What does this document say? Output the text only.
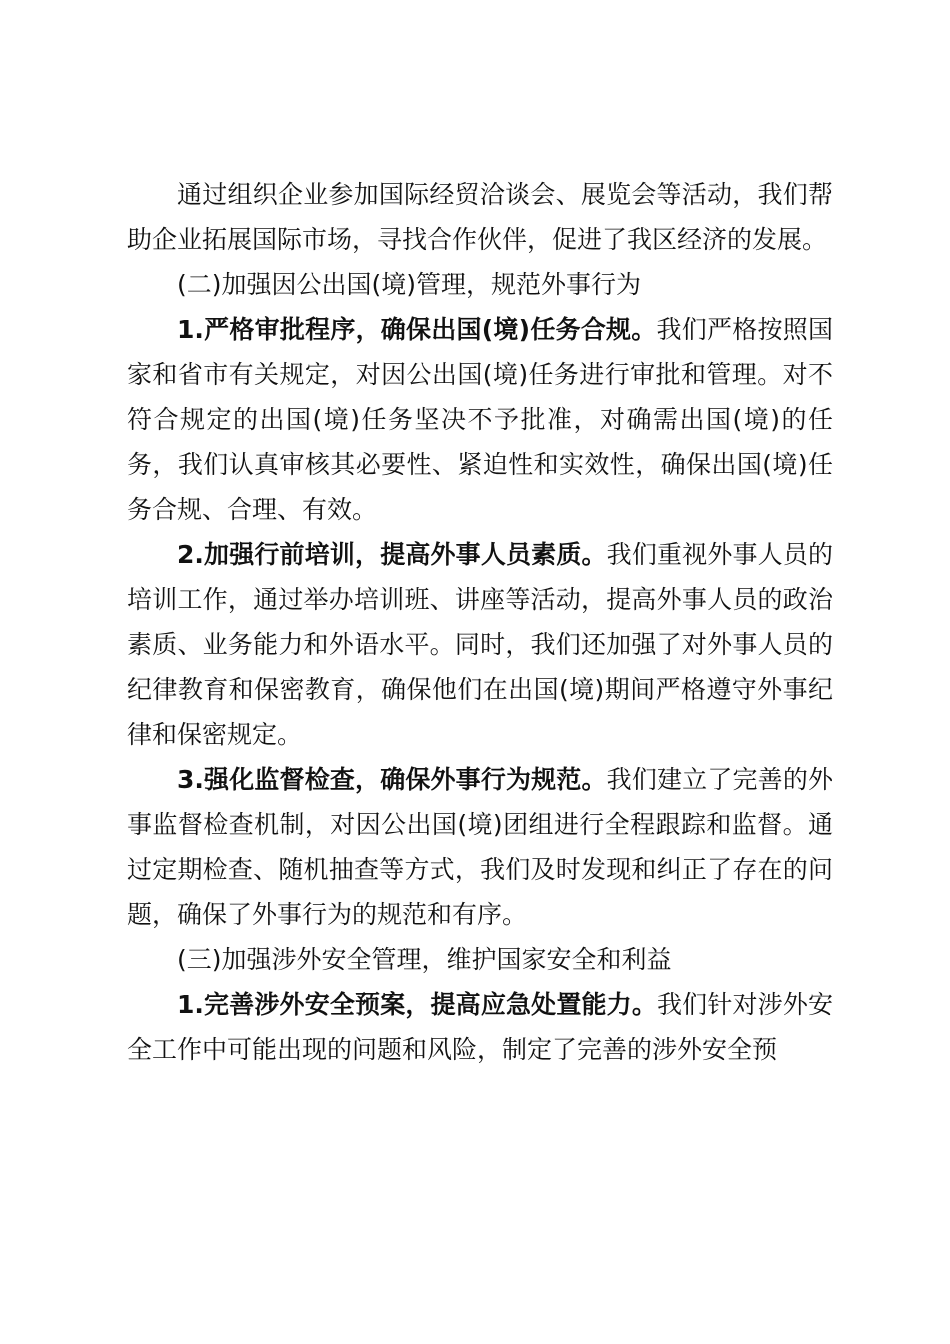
通过组织企业参加国际经贸洽谈会、展览会等活动，我们帮助企业拓展国际市场，寻找合作伙伴，促进了我区经济的发展。

(二)加强因公出国(境)管理，规范外事行为

1.严格审批程序，确保出国(境)任务合规。我们严格按照国家和省市有关规定，对因公出国(境)任务进行审批和管理。对不符合规定的出国(境)任务坚决不予批准，对确需出国(境)的任务，我们认真审核其必要性、紧迫性和实效性，确保出国(境)任务合规、合理、有效。

2.加强行前培训，提高外事人员素质。我们重视外事人员的培训工作，通过举办培训班、讲座等活动，提高外事人员的政治素质、业务能力和外语水平。同时，我们还加强了对外事人员的纪律教育和保密教育，确保他们在出国(境)期间严格遵守外事纪律和保密规定。

3.强化监督检查，确保外事行为规范。我们建立了完善的外事监督检查机制，对因公出国(境)团组进行全程跟踪和监督。通过定期检查、随机抽查等方式，我们及时发现和纠正了存在的问题，确保了外事行为的规范和有序。

(三)加强涉外安全管理，维护国家安全和利益

1.完善涉外安全预案，提高应急处置能力。我们针对涉外安全工作中可能出现的问题和风险，制定了完善的涉外安全预
